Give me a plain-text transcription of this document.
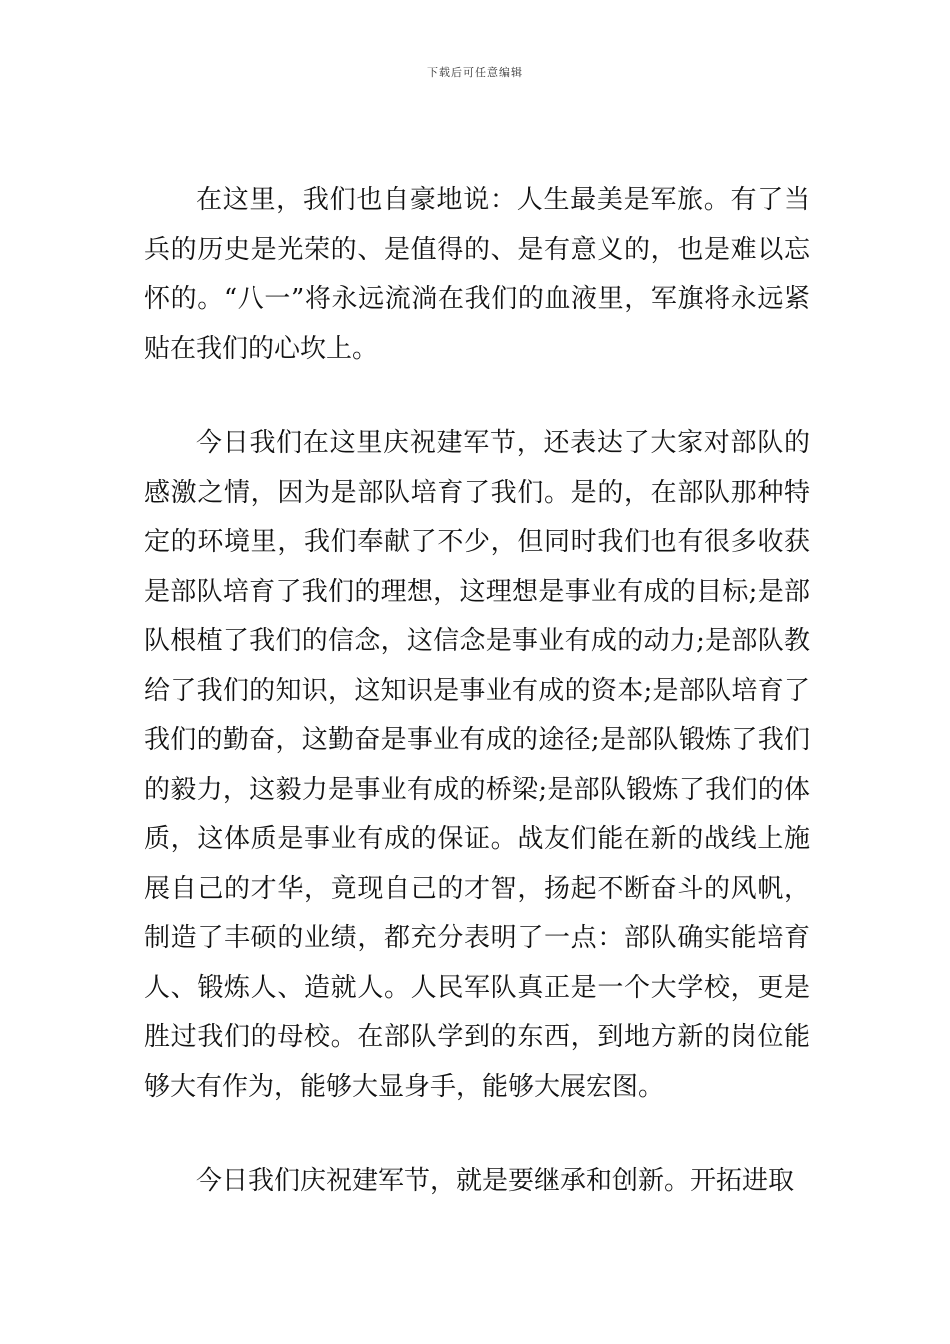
下载后可任意编辑

在这里，我们也自豪地说：人生最美是军旅。有了当兵的历史是光荣的、是值得的、是有意义的，也是难以忘怀的。“八一”将永远流淌在我们的血液里，军旗将永远紧贴在我们的心坎上。

今日我们在这里庆祝建军节，还表达了大家对部队的感激之情，因为是部队培育了我们。是的，在部队那种特定的环境里，我们奉献了不少，但同时我们也有很多收获是部队培育了我们的理想，这理想是事业有成的目标;是部队根植了我们的信念，这信念是事业有成的动力;是部队教给了我们的知识，这知识是事业有成的资本;是部队培育了我们的勤奋，这勤奋是事业有成的途径;是部队锻炼了我们的毅力，这毅力是事业有成的桥梁;是部队锻炼了我们的体质，这体质是事业有成的保证。战友们能在新的战线上施展自己的才华，竟现自己的才智，扬起不断奋斗的风帆，制造了丰硕的业绩，都充分表明了一点：部队确实能培育人、锻炼人、造就人。人民军队真正是一个大学校，更是胜过我们的母校。在部队学到的东西，到地方新的岗位能够大有作为，能够大显身手，能够大展宏图。

今日我们庆祝建军节，就是要继承和创新。开拓进取
